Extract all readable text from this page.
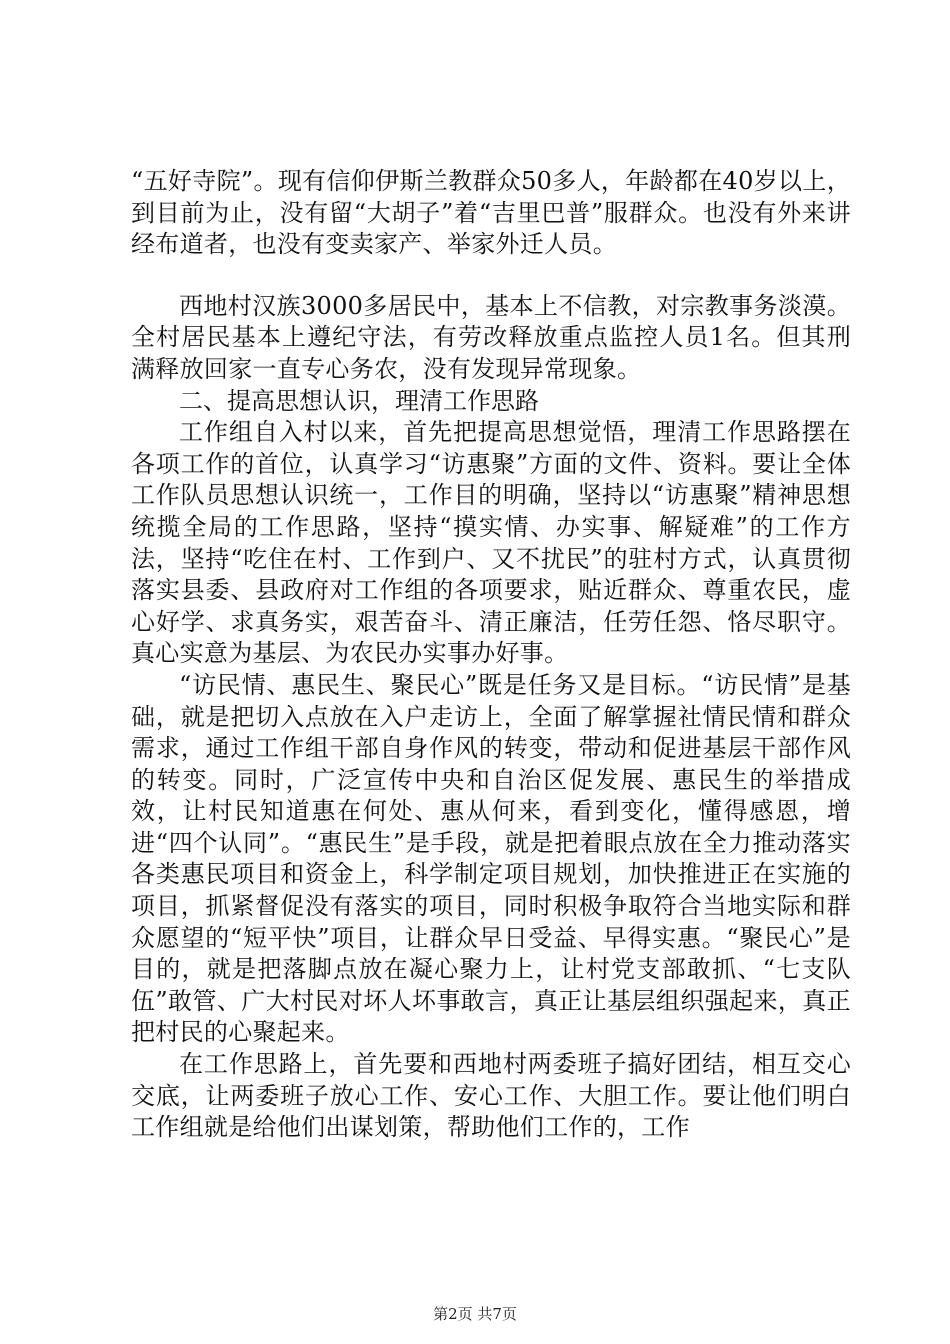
“五好寺院”。现有信仰伊斯兰教群众50多人，年龄都在40岁以上，到目前为止，没有留“大胡子”着“吉里巴普”服群众。也没有外来讲经布道者，也没有变卖家产、举家外迁人员。

西地村汉族3000多居民中，基本上不信教，对宗教事务淡漠。全村居民基本上遵纪守法，有劳改释放重点监控人员1名。但其刑满释放回家一直专心务农，没有发现异常现象。

二、提高思想认识，理清工作思路

工作组自入村以来，首先把提高思想觉悟，理清工作思路摆在各项工作的首位，认真学习“访惠聚”方面的文件、资料。要让全体工作队员思想认识统一，工作目的明确，坚持以“访惠聚”精神思想统揽全局的工作思路，坚持“摸实情、办实事、解疑难”的工作方法，坚持“吃住在村、工作到户、又不扰民”的驻村方式，认真贯彻落实县委、县政府对工作组的各项要求，贴近群众、尊重农民，虚心好学、求真务实，艰苦奋斗、清正廉洁，任劳任怨、恪尽职守。真心实意为基层、为农民办实事办好事。

“访民情、惠民生、聚民心”既是任务又是目标。“访民情”是基础，就是把切入点放在入户走访上，全面了解掌握社情民情和群众需求，通过工作组干部自身作风的转变，带动和促进基层干部作风的转变。同时，广泛宣传中央和自治区促发展、惠民生的举措成效，让村民知道惠在何处、惠从何来，看到变化，懂得感恩，增进“四个认同”。“惠民生”是手段，就是把着眼点放在全力推动落实各类惠民项目和资金上，科学制定项目规划，加快推进正在实施的项目，抓紧督促没有落实的项目，同时积极争取符合当地实际和群众愿望的“短平快”项目，让群众早日受益、早得实惠。“聚民心”是目的，就是把落脚点放在凝心聚力上，让村党支部敢抓、“七支队伍”敢管、广大村民对坏人坏事敢言，真正让基层组织强起来，真正把村民的心聚起来。

在工作思路上，首先要和西地村两委班子搞好团结，相互交心交底，让两委班子放心工作、安心工作、大胆工作。要让他们明白工作组就是给他们出谋划策，帮助他们工作的，工作

第2页 共7页
